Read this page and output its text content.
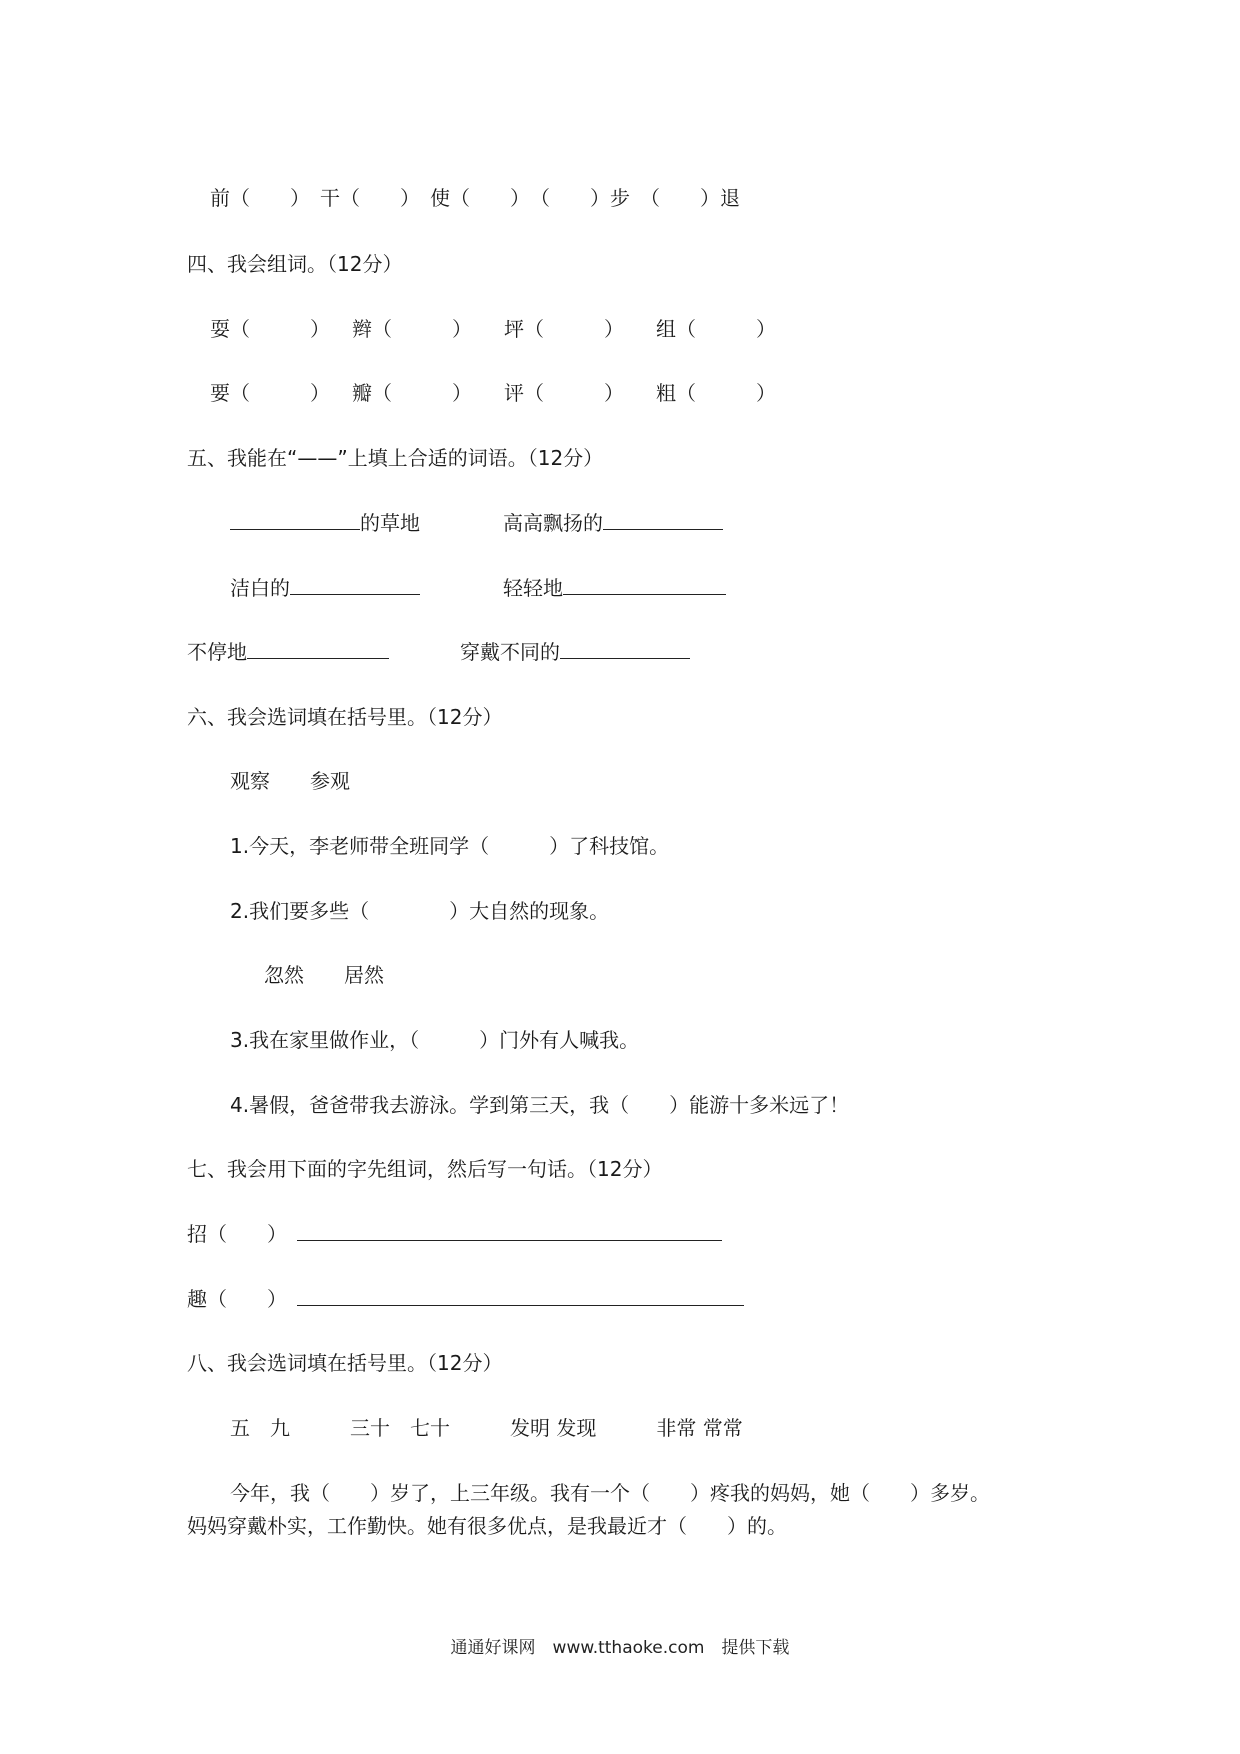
前（　　）　干（　　）　使（　　）　（　　）步　（　　）退
四、我会组词。（12分）
耍（　　　） 辫（　　　） 坪（　　　） 组（　　　）
要（　　　） 瓣（　　　） 评（　　　） 粗（　　　）
五、我能在“——”上填上合适的词语。（12分）
的草地	高高飘扬的
洁白的	轻轻地
不停地	穿戴不同的
六、我会选词填在括号里。（12分）
观察　　参观
1.今天，李老师带全班同学（　　　）了科技馆。
2.我们要多些（　　　　）大自然的现象。
忽然　　居然
3.我在家里做作业，（　　　）门外有人喊我。
4.暑假，爸爸带我去游泳。学到第三天，我（　　）能游十多米远了！
七、我会用下面的字先组词，然后写一句话。（12分）
招（　　）
趣（　　）
八、我会选词填在括号里。（12分）
五　九　　　三十　七十　　　发明 发现　　　非常 常常
今年，我（　　）岁了，上三年级。我有一个（　　）疼我的妈妈，她（　　）多岁。
妈妈穿戴朴实，工作勤快。她有很多优点，是我最近才（　　）的。
通通好课网　www.tthaoke.com　提供下载
